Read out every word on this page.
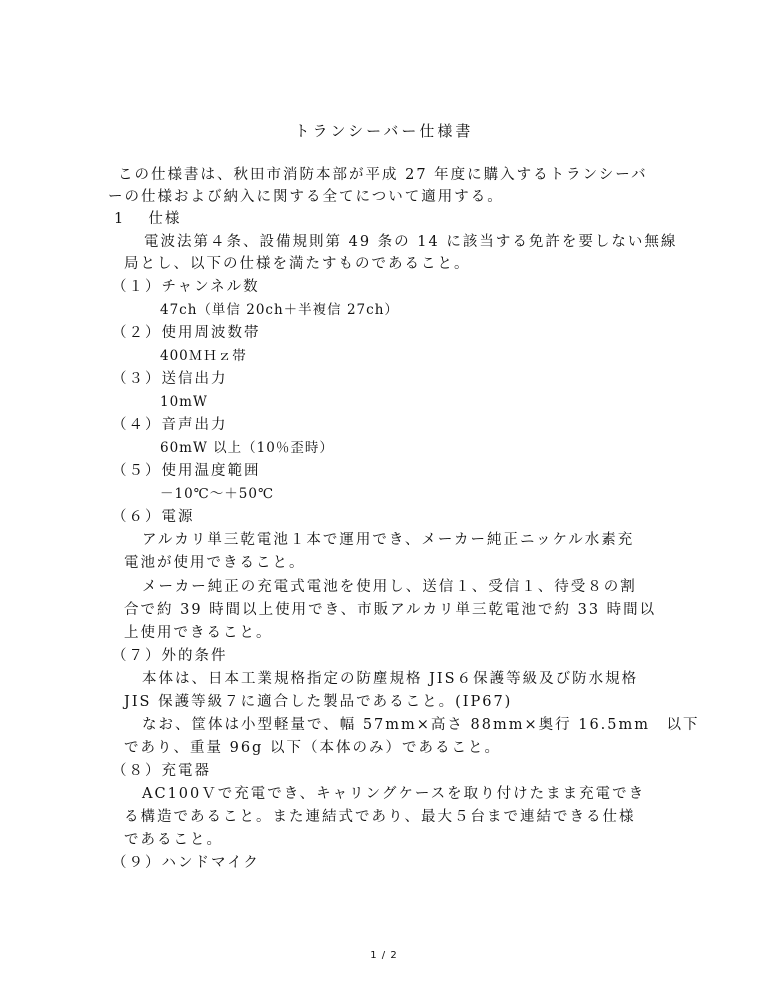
トランシーバー仕様書
この仕様書は、秋田市消防本部が平成 27 年度に購入するトランシーバ
ーの仕様および納入に関する全てについて適用する。
1　 仕様
電波法第４条、設備規則第 49 条の 14 に該当する免許を要しない無線
局とし、以下の仕様を満たすものであること。
（１）チャンネル数
47ch（単信 20ch＋半複信 27ch）
（２）使用周波数帯
400ＭＨｚ帯
（３）送信出力
10mW
（４）音声出力
60mW 以上（10％歪時）
（５）使用温度範囲
－10℃～＋50℃
（６）電源
アルカリ単三乾電池１本で運用でき、メーカー純正ニッケル水素充
電池が使用できること。
メーカー純正の充電式電池を使用し、送信１、受信１、待受８の割
合で約 39 時間以上使用でき、市販アルカリ単三乾電池で約 33 時間以
上使用できること。
（７）外的条件
本体は、日本工業規格指定の防塵規格 JIS６保護等級及び防水規格
JIS 保護等級７に適合した製品であること。(IP67)
なお、筐体は小型軽量で、幅 57mm×高さ 88mm×奥行 16.5mm　以下
であり、重量 96g 以下（本体のみ）であること。
（８）充電器
AC100Ｖで充電でき、キャリングケースを取り付けたまま充電でき
る構造であること。また連結式であり、最大５台まで連結できる仕様
であること。
（９）ハンドマイク
1 / 2
